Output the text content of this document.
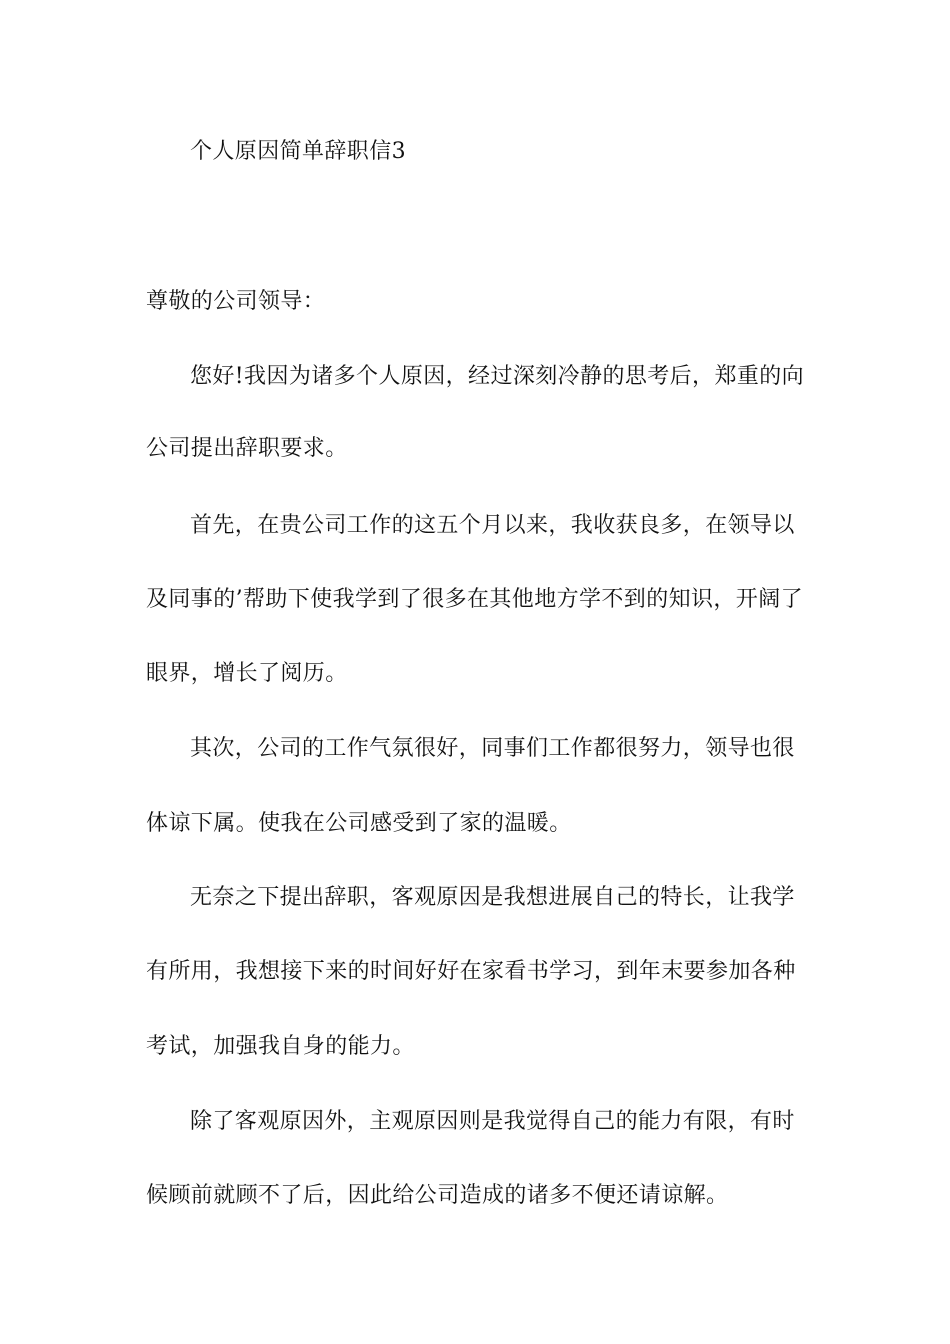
个人原因简单辞职信3
尊敬的公司领导：
您好!我因为诸多个人原因，经过深刻冷静的思考后，郑重的向
公司提出辞职要求。
首先，在贵公司工作的这五个月以来，我收获良多，在领导以
及同事的’帮助下使我学到了很多在其他地方学不到的知识，开阔了
眼界，增长了阅历。
其次，公司的工作气氛很好，同事们工作都很努力，领导也很
体谅下属。使我在公司感受到了家的温暖。
无奈之下提出辞职，客观原因是我想进展自己的特长，让我学
有所用，我想接下来的时间好好在家看书学习，到年末要参加各种
考试，加强我自身的能力。
除了客观原因外，主观原因则是我觉得自己的能力有限，有时
候顾前就顾不了后，因此给公司造成的诸多不便还请谅解。
